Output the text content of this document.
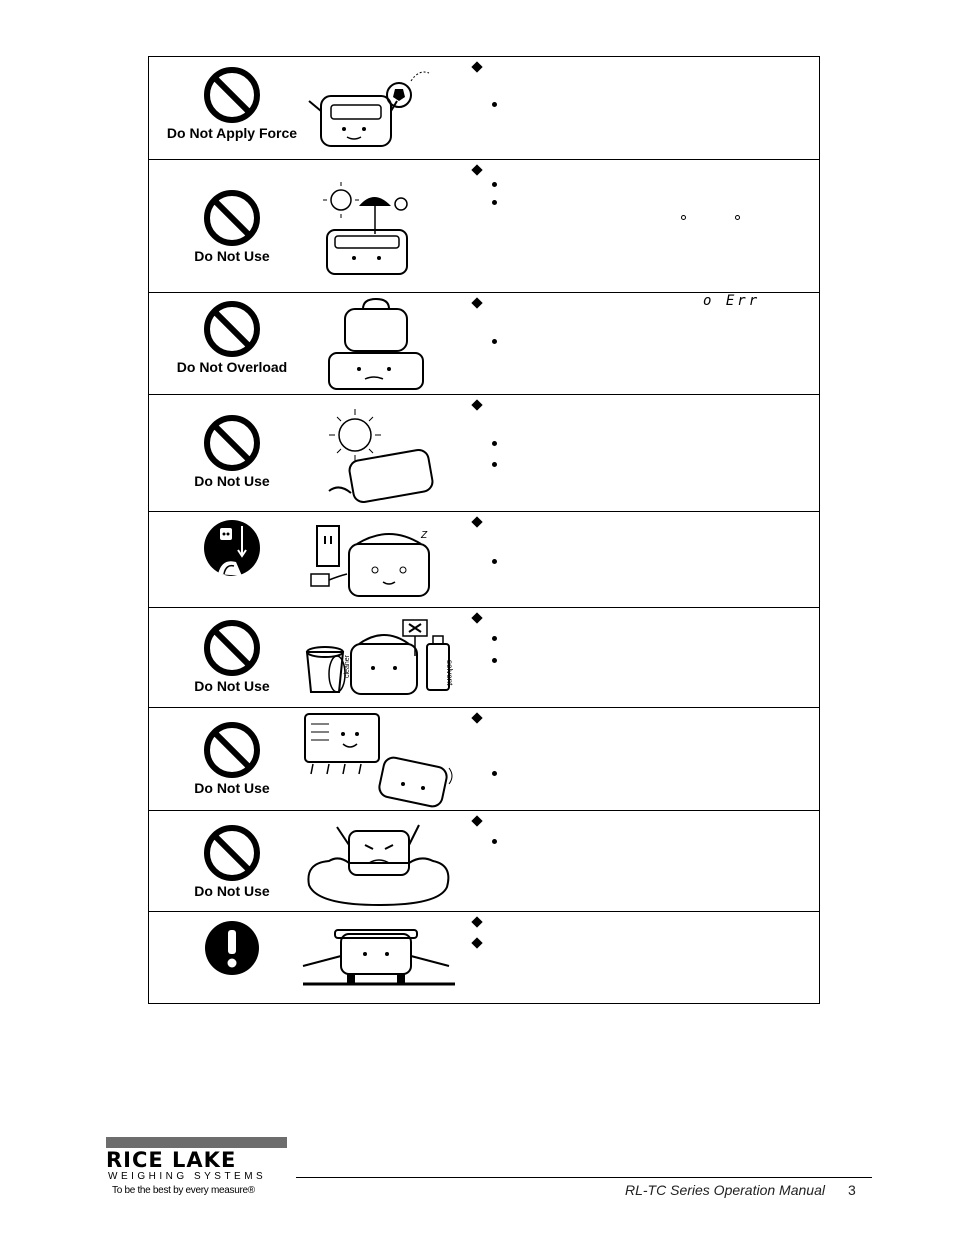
Do Not Apply Force
Do Not Use
Do Not Overload
o Err
Do Not Use
Z
Do Not Use
cleaner	solvent
Do Not Use
Do Not Use
RICE LAKE
WEIGHING SYSTEMS
To be the best by every measure®	RL-TC Series Operation Manual 3
